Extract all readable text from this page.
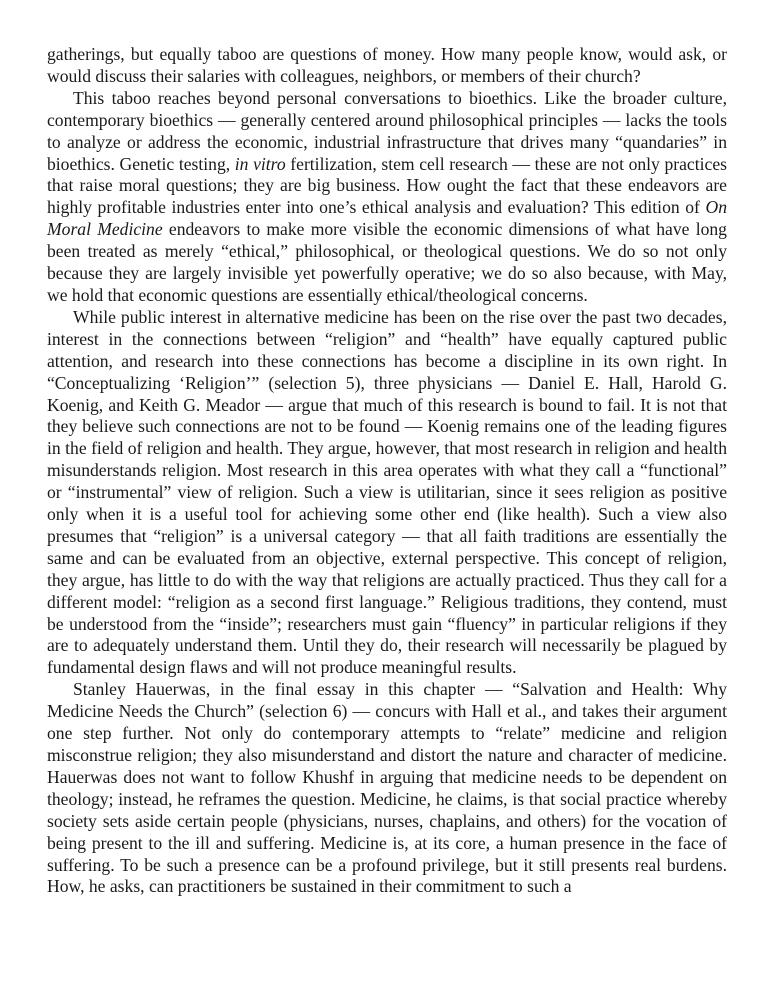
gatherings, but equally taboo are questions of money. How many people know, would ask, or would discuss their salaries with colleagues, neighbors, or members of their church?

This taboo reaches beyond personal conversations to bioethics. Like the broader culture, contemporary bioethics — generally centered around philosophical principles — lacks the tools to analyze or address the economic, industrial infrastructure that drives many “quandaries” in bioethics. Genetic testing, in vitro fertilization, stem cell research — these are not only practices that raise moral questions; they are big business. How ought the fact that these endeavors are highly profitable industries enter into one’s ethical analysis and evaluation? This edition of On Moral Medicine endeavors to make more visible the economic dimensions of what have long been treated as merely “ethical,” philosophical, or theological questions. We do so not only because they are largely invisible yet powerfully operative; we do so also because, with May, we hold that economic questions are essentially ethical/theological concerns.

While public interest in alternative medicine has been on the rise over the past two decades, interest in the connections between “religion” and “health” have equally captured public attention, and research into these connections has become a discipline in its own right. In “Conceptualizing ‘Religion’” (selection 5), three physicians — Daniel E. Hall, Harold G. Koenig, and Keith G. Meador — argue that much of this research is bound to fail. It is not that they believe such connections are not to be found — Koenig remains one of the leading figures in the field of religion and health. They argue, however, that most research in religion and health misunderstands religion. Most research in this area operates with what they call a “functional” or “instrumental” view of religion. Such a view is utilitarian, since it sees religion as positive only when it is a useful tool for achieving some other end (like health). Such a view also presumes that “religion” is a universal category — that all faith traditions are essentially the same and can be evaluated from an objective, external perspective. This concept of religion, they argue, has little to do with the way that religions are actually practiced. Thus they call for a different model: “religion as a second first language.” Religious traditions, they contend, must be understood from the “inside”; researchers must gain “fluency” in particular religions if they are to adequately understand them. Until they do, their research will necessarily be plagued by fundamental design flaws and will not produce meaningful results.

Stanley Hauerwas, in the final essay in this chapter — “Salvation and Health: Why Medicine Needs the Church” (selection 6) — concurs with Hall et al., and takes their argument one step further. Not only do contemporary attempts to “relate” medicine and religion misconstrue religion; they also misunderstand and distort the nature and character of medicine. Hauerwas does not want to follow Khushf in arguing that medicine needs to be dependent on theology; instead, he reframes the question. Medicine, he claims, is that social practice whereby society sets aside certain people (physicians, nurses, chaplains, and others) for the vocation of being present to the ill and suffering. Medicine is, at its core, a human presence in the face of suffering. To be such a presence can be a profound privilege, but it still presents real burdens. How, he asks, can practitioners be sustained in their commitment to such a
